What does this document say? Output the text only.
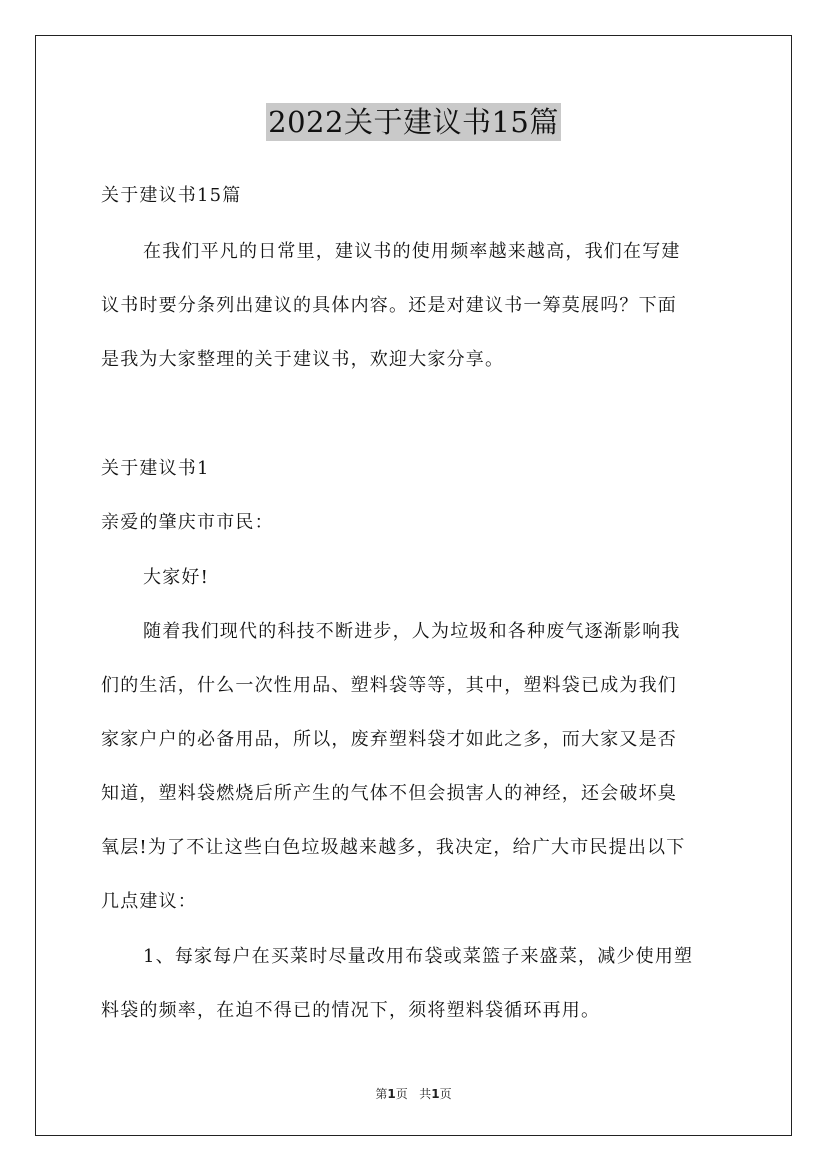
2022关于建议书15篇
关于建议书15篇
在我们平凡的日常里，建议书的使用频率越来越高，我们在写建
议书时要分条列出建议的具体内容。还是对建议书一筹莫展吗？下面
是我为大家整理的关于建议书，欢迎大家分享。
关于建议书1
亲爱的肇庆市市民：
大家好!
随着我们现代的科技不断进步，人为垃圾和各种废气逐渐影响我
们的生活，什么一次性用品、塑料袋等等，其中，塑料袋已成为我们
家家户户的必备用品，所以，废弃塑料袋才如此之多，而大家又是否
知道，塑料袋燃烧后所产生的气体不但会损害人的神经，还会破坏臭
氧层!为了不让这些白色垃圾越来越多，我决定，给广大市民提出以下
几点建议：
1、每家每户在买菜时尽量改用布袋或菜篮子来盛菜，减少使用塑
料袋的频率，在迫不得已的情况下，须将塑料袋循环再用。
第1页 共1页
